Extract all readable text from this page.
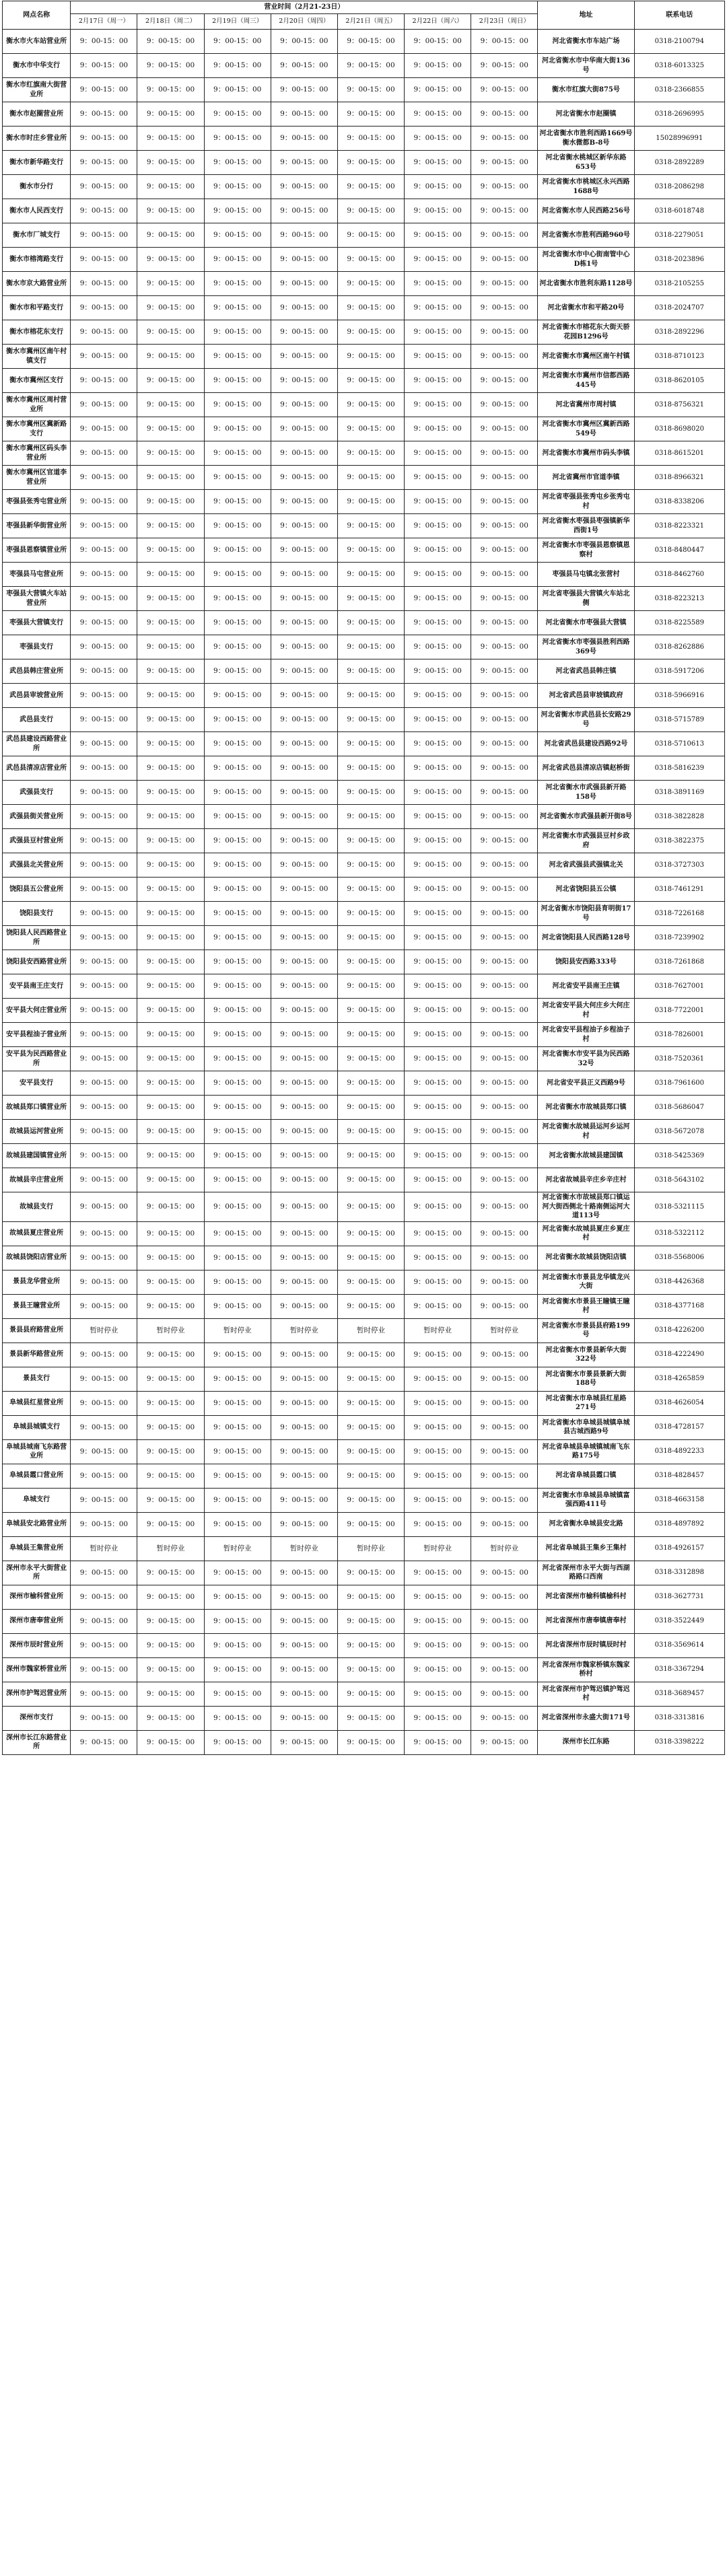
网点名称	营业时间（2月21-23日）							地址	联系电话
	2月17日（周一）	2月18日（周二）	2月19日（周三）	2月20日（周四）	2月21日（周五）	2月22日（周六）	2月23日（周日）		
衡水市火车站营业所	9：00-15：00	9：00-15：00	9：00-15：00	9：00-15：00	9：00-15：00	9：00-15：00	9：00-15：00	河北省衡水市车站广场	0318-2100794
衡水市中华支行	9：00-15：00	9：00-15：00	9：00-15：00	9：00-15：00	9：00-15：00	9：00-15：00	9：00-15：00	河北省衡水市中华南大街136号	0318-6013325
衡水市红旗南大街营业所	9：00-15：00	9：00-15：00	9：00-15：00	9：00-15：00	9：00-15：00	9：00-15：00	9：00-15：00	衡水市红旗大街875号	0318-2366855
衡水市赵圈营业所	9：00-15：00	9：00-15：00	9：00-15：00	9：00-15：00	9：00-15：00	9：00-15：00	9：00-15：00	河北省衡水市赵圈镇	0318-2696995
衡水市时庄乡营业所	9：00-15：00	9：00-15：00	9：00-15：00	9：00-15：00	9：00-15：00	9：00-15：00	9：00-15：00	河北省衡水市胜利西路1669号衡水微都B-8号	15028996991
衡水市新华路支行	9：00-15：00	9：00-15：00	9：00-15：00	9：00-15：00	9：00-15：00	9：00-15：00	9：00-15：00	河北省衡水桃城区新华东路653号	0318-2892289
衡水市分行	9：00-15：00	9：00-15：00	9：00-15：00	9：00-15：00	9：00-15：00	9：00-15：00	9：00-15：00	河北省衡水市桃城区永兴西路1688号	0318-2086298
衡水市人民西支行	9：00-15：00	9：00-15：00	9：00-15：00	9：00-15：00	9：00-15：00	9：00-15：00	9：00-15：00	河北省衡水市人民西路256号	0318-6018748
衡水市厂城支行	9：00-15：00	9：00-15：00	9：00-15：00	9：00-15：00	9：00-15：00	9：00-15：00	9：00-15：00	河北省衡水市胜利西路960号	0318-2279051
衡水市榕湾路支行	9：00-15：00	9：00-15：00	9：00-15：00	9：00-15：00	9：00-15：00	9：00-15：00	9：00-15：00	河北省衡水市中心街南管中心D栋1号	0318-2023896
衡水市京大路营业所	9：00-15：00	9：00-15：00	9：00-15：00	9：00-15：00	9：00-15：00	9：00-15：00	9：00-15：00	河北省衡水市胜利东路1128号	0318-2105255
衡水市和平路支行	9：00-15：00	9：00-15：00	9：00-15：00	9：00-15：00	9：00-15：00	9：00-15：00	9：00-15：00	河北省衡水市和平路20号	0318-2024707
衡水市榕花东支行	9：00-15：00	9：00-15：00	9：00-15：00	9：00-15：00	9：00-15：00	9：00-15：00	9：00-15：00	河北省衡水市榕花东大街天骄花园B1296号	0318-2892296
衡水市冀州区南午村镇支行	9：00-15：00	9：00-15：00	9：00-15：00	9：00-15：00	9：00-15：00	9：00-15：00	9：00-15：00	河北省衡水市冀州区南午村镇	0318-8710123
衡水市冀州区支行	9：00-15：00	9：00-15：00	9：00-15：00	9：00-15：00	9：00-15：00	9：00-15：00	9：00-15：00	河北省衡水市冀州市信都西路445号	0318-8620105
衡水市冀州区周村营业所	9：00-15：00	9：00-15：00	9：00-15：00	9：00-15：00	9：00-15：00	9：00-15：00	9：00-15：00	河北省冀州市周村镇	0318-8756321
衡水市冀州区冀新路支行	9：00-15：00	9：00-15：00	9：00-15：00	9：00-15：00	9：00-15：00	9：00-15：00	9：00-15：00	河北省衡水市冀州区冀新西路549号	0318-8698020
衡水市冀州区码头李营业所	9：00-15：00	9：00-15：00	9：00-15：00	9：00-15：00	9：00-15：00	9：00-15：00	9：00-15：00	河北省衡水市冀州市码头李镇	0318-8615201
衡水市冀州区官道李营业所	9：00-15：00	9：00-15：00	9：00-15：00	9：00-15：00	9：00-15：00	9：00-15：00	9：00-15：00	河北省冀州市官道李镇	0318-8966321
枣强县张秀屯营业所	9：00-15：00	9：00-15：00	9：00-15：00	9：00-15：00	9：00-15：00	9：00-15：00	9：00-15：00	河北省枣强县张秀屯乡张秀屯村	0318-8338206
枣强县新华街营业所	9：00-15：00	9：00-15：00	9：00-15：00	9：00-15：00	9：00-15：00	9：00-15：00	9：00-15：00	河北省衡水枣强县枣强镇新华西街1号	0318-8223321
枣强县恩察镇营业所	9：00-15：00	9：00-15：00	9：00-15：00	9：00-15：00	9：00-15：00	9：00-15：00	9：00-15：00	河北省衡水市枣强县恩察镇恩察村	0318-8480447
枣强县马屯营业所	9：00-15：00	9：00-15：00	9：00-15：00	9：00-15：00	9：00-15：00	9：00-15：00	9：00-15：00	枣强县马屯镇北张营村	0318-8462760
枣强县大营镇火车站营业所	9：00-15：00	9：00-15：00	9：00-15：00	9：00-15：00	9：00-15：00	9：00-15：00	9：00-15：00	河北省枣强县大营镇火车站北侧	0318-8223213
枣强县大营镇支行	9：00-15：00	9：00-15：00	9：00-15：00	9：00-15：00	9：00-15：00	9：00-15：00	9：00-15：00	河北省衡水市枣强县大营镇	0318-8225589
枣强县支行	9：00-15：00	9：00-15：00	9：00-15：00	9：00-15：00	9：00-15：00	9：00-15：00	9：00-15：00	河北省衡水市枣强县胜利西路369号	0318-8262886
武邑县韩庄营业所	9：00-15：00	9：00-15：00	9：00-15：00	9：00-15：00	9：00-15：00	9：00-15：00	9：00-15：00	河北省武邑县韩庄镇	0318-5917206
武邑县审坡营业所	9：00-15：00	9：00-15：00	9：00-15：00	9：00-15：00	9：00-15：00	9：00-15：00	9：00-15：00	河北省武邑县审坡镇政府	0318-5966916
武邑县支行	9：00-15：00	9：00-15：00	9：00-15：00	9：00-15：00	9：00-15：00	9：00-15：00	9：00-15：00	河北省衡水市武邑县长安路29号	0318-5715789
武邑县建设西路营业所	9：00-15：00	9：00-15：00	9：00-15：00	9：00-15：00	9：00-15：00	9：00-15：00	9：00-15：00	河北省武邑县建设西路92号	0318-5710613
武邑县清凉店营业所	9：00-15：00	9：00-15：00	9：00-15：00	9：00-15：00	9：00-15：00	9：00-15：00	9：00-15：00	河北省武邑县清凉店镇赵桥街	0318-5816239
武强县支行	9：00-15：00	9：00-15：00	9：00-15：00	9：00-15：00	9：00-15：00	9：00-15：00	9：00-15：00	河北省衡水市武强县新开路158号	0318-3891169
武强县街关营业所	9：00-15：00	9：00-15：00	9：00-15：00	9：00-15：00	9：00-15：00	9：00-15：00	9：00-15：00	河北省衡水市武强县新开街8号	0318-3822828
武强县豆村营业所	9：00-15：00	9：00-15：00	9：00-15：00	9：00-15：00	9：00-15：00	9：00-15：00	9：00-15：00	河北省衡水市武强县豆村乡政府	0318-3822375
武强县北关营业所	9：00-15：00	9：00-15：00	9：00-15：00	9：00-15：00	9：00-15：00	9：00-15：00	9：00-15：00	河北省武强县武强镇北关	0318-3727303
饶阳县五公营业所	9：00-15：00	9：00-15：00	9：00-15：00	9：00-15：00	9：00-15：00	9：00-15：00	9：00-15：00	河北省饶阳县五公镇	0318-7461291
饶阳县支行	9：00-15：00	9：00-15：00	9：00-15：00	9：00-15：00	9：00-15：00	9：00-15：00	9：00-15：00	河北省衡水市饶阳县育明街17号	0318-7226168
饶阳县人民西路营业所	9：00-15：00	9：00-15：00	9：00-15：00	9：00-15：00	9：00-15：00	9：00-15：00	9：00-15：00	河北省饶阳县人民西路128号	0318-7239902
饶阳县安西路营业所	9：00-15：00	9：00-15：00	9：00-15：00	9：00-15：00	9：00-15：00	9：00-15：00	9：00-15：00	饶阳县安西路333号	0318-7261868
安平县南王庄支行	9：00-15：00	9：00-15：00	9：00-15：00	9：00-15：00	9：00-15：00	9：00-15：00	9：00-15：00	河北省安平县南王庄镇	0318-7627001
安平县大何庄营业所	9：00-15：00	9：00-15：00	9：00-15：00	9：00-15：00	9：00-15：00	9：00-15：00	9：00-15：00	河北省安平县大何庄乡大何庄村	0318-7722001
安平县程油子营业所	9：00-15：00	9：00-15：00	9：00-15：00	9：00-15：00	9：00-15：00	9：00-15：00	9：00-15：00	河北省安平县程油子乡程油子村	0318-7826001
安平县为民西路营业所	9：00-15：00	9：00-15：00	9：00-15：00	9：00-15：00	9：00-15：00	9：00-15：00	9：00-15：00	河北省衡水市安平县为民西路32号	0318-7520361
安平县支行	9：00-15：00	9：00-15：00	9：00-15：00	9：00-15：00	9：00-15：00	9：00-15：00	9：00-15：00	河北省安平县正义西路9号	0318-7961600
故城县郑口镇营业所	9：00-15：00	9：00-15：00	9：00-15：00	9：00-15：00	9：00-15：00	9：00-15：00	9：00-15：00	河北省衡水市故城县郑口镇	0318-5686047
故城县运河营业所	9：00-15：00	9：00-15：00	9：00-15：00	9：00-15：00	9：00-15：00	9：00-15：00	9：00-15：00	河北省衡水故城县运河乡运河村	0318-5672078
故城县建国镇营业所	9：00-15：00	9：00-15：00	9：00-15：00	9：00-15：00	9：00-15：00	9：00-15：00	9：00-15：00	河北省衡水故城县建国镇	0318-5425369
故城县辛庄营业所	9：00-15：00	9：00-15：00	9：00-15：00	9：00-15：00	9：00-15：00	9：00-15：00	9：00-15：00	河北省故城县辛庄乡辛庄村	0318-5643102
故城县支行	9：00-15：00	9：00-15：00	9：00-15：00	9：00-15：00	9：00-15：00	9：00-15：00	9：00-15：00	河北省衡水市故城县郑口镇运河大街西侧北十路南侧运河大道113号	0318-5321115
故城县夏庄营业所	9：00-15：00	9：00-15：00	9：00-15：00	9：00-15：00	9：00-15：00	9：00-15：00	9：00-15：00	河北省衡水故城县夏庄乡夏庄村	0318-5322112
故城县饶阳店营业所	9：00-15：00	9：00-15：00	9：00-15：00	9：00-15：00	9：00-15：00	9：00-15：00	9：00-15：00	河北省衡水故城县饶阳店镇	0318-5568006
景县龙华营业所	9：00-15：00	9：00-15：00	9：00-15：00	9：00-15：00	9：00-15：00	9：00-15：00	9：00-15：00	河北省衡水市景县龙华镇龙兴大街	0318-4426368
景县王瞳营业所	9：00-15：00	9：00-15：00	9：00-15：00	9：00-15：00	9：00-15：00	9：00-15：00	9：00-15：00	河北省衡水市景县王瞳镇王瞳村	0318-4377168
景县县府路营业所	暂时停业	暂时停业	暂时停业	暂时停业	暂时停业	暂时停业	暂时停业	河北省衡水市景县县府路199号	0318-4226200
景县新华路营业所	9：00-15：00	9：00-15：00	9：00-15：00	9：00-15：00	9：00-15：00	9：00-15：00	9：00-15：00	河北省衡水市景县新华大街322号	0318-4222490
景县支行	9：00-15：00	9：00-15：00	9：00-15：00	9：00-15：00	9：00-15：00	9：00-15：00	9：00-15：00	河北省衡水市景县景新大街188号	0318-4265859
阜城县红星营业所	9：00-15：00	9：00-15：00	9：00-15：00	9：00-15：00	9：00-15：00	9：00-15：00	9：00-15：00	河北省衡水市阜城县红星路271号	0318-4626054
阜城县城镇支行	9：00-15：00	9：00-15：00	9：00-15：00	9：00-15：00	9：00-15：00	9：00-15：00	9：00-15：00	河北省衡水市阜城县城镇阜城县古城西路9号	0318-4728157
阜城县城南飞东路营业所	9：00-15：00	9：00-15：00	9：00-15：00	9：00-15：00	9：00-15：00	9：00-15：00	9：00-15：00	河北省阜城县阜城镇城南飞东路175号	0318-4892233
阜城县霞口营业所	9：00-15：00	9：00-15：00	9：00-15：00	9：00-15：00	9：00-15：00	9：00-15：00	9：00-15：00	河北省阜城县霞口镇	0318-4828457
阜城支行	9：00-15：00	9：00-15：00	9：00-15：00	9：00-15：00	9：00-15：00	9：00-15：00	9：00-15：00	河北省衡水市阜城县阜城镇富强西路411号	0318-4663158
阜城县安北路营业所	9：00-15：00	9：00-15：00	9：00-15：00	9：00-15：00	9：00-15：00	9：00-15：00	9：00-15：00	河北省衡水阜城县安北路	0318-4897892
阜城县王集营业所	暂时停业	暂时停业	暂时停业	暂时停业	暂时停业	暂时停业	暂时停业	河北省阜城县王集乡王集村	0318-4926157
深州市永平大街营业所	9：00-15：00	9：00-15：00	9：00-15：00	9：00-15：00	9：00-15：00	9：00-15：00	9：00-15：00	河北省深州市永平大街与西湖路路口西南	0318-3312898
深州市榆科营业所	9：00-15：00	9：00-15：00	9：00-15：00	9：00-15：00	9：00-15：00	9：00-15：00	9：00-15：00	河北省深州市榆科镇榆科村	0318-3627731
深州市唐奉营业所	9：00-15：00	9：00-15：00	9：00-15：00	9：00-15：00	9：00-15：00	9：00-15：00	9：00-15：00	河北省深州市唐奉镇唐奉村	0318-3522449
深州市辰时营业所	9：00-15：00	9：00-15：00	9：00-15：00	9：00-15：00	9：00-15：00	9：00-15：00	9：00-15：00	河北省深州市辰时镇辰时村	0318-3569614
深州市魏家桥营业所	9：00-15：00	9：00-15：00	9：00-15：00	9：00-15：00	9：00-15：00	9：00-15：00	9：00-15：00	河北省深州市魏家桥镇东魏家桥村	0318-3367294
深州市护驾迟营业所	9：00-15：00	9：00-15：00	9：00-15：00	9：00-15：00	9：00-15：00	9：00-15：00	9：00-15：00	河北省深州市护驾迟镇护驾迟村	0318-3689457
深州市支行	9：00-15：00	9：00-15：00	9：00-15：00	9：00-15：00	9：00-15：00	9：00-15：00	9：00-15：00	河北省深州市永盛大街171号	0318-3313816
深州市长江东路营业所	9：00-15：00	9：00-15：00	9：00-15：00	9：00-15：00	9：00-15：00	9：00-15：00	9：00-15：00	深州市长江东路	0318-3398222
